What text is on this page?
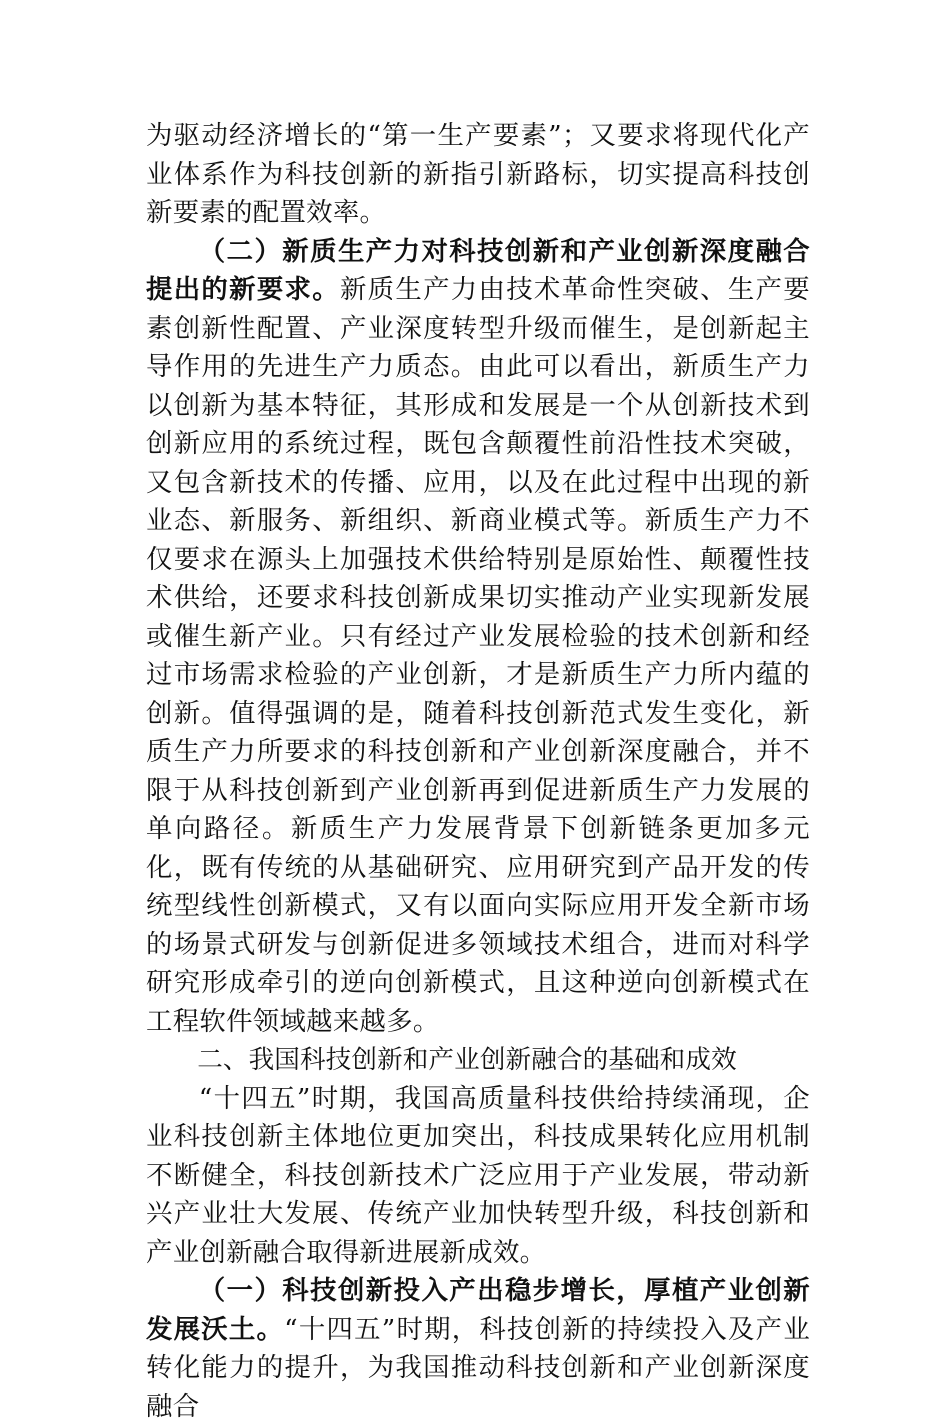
为驱动经济增长的“第一生产要素”；又要求将现代化产业体系作为科技创新的新指引新路标，切实提高科技创新要素的配置效率。

（二）新质生产力对科技创新和产业创新深度融合提出的新要求。新质生产力由技术革命性突破、生产要素创新性配置、产业深度转型升级而催生，是创新起主导作用的先进生产力质态。由此可以看出，新质生产力以创新为基本特征，其形成和发展是一个从创新技术到创新应用的系统过程，既包含颠覆性前沿性技术突破，又包含新技术的传播、应用，以及在此过程中出现的新业态、新服务、新组织、新商业模式等。新质生产力不仅要求在源头上加强技术供给特别是原始性、颠覆性技术供给，还要求科技创新成果切实推动产业实现新发展或催生新产业。只有经过产业发展检验的技术创新和经过市场需求检验的产业创新，才是新质生产力所内蕴的创新。值得强调的是，随着科技创新范式发生变化，新质生产力所要求的科技创新和产业创新深度融合，并不限于从科技创新到产业创新再到促进新质生产力发展的单向路径。新质生产力发展背景下创新链条更加多元化，既有传统的从基础研究、应用研究到产品开发的传统型线性创新模式，又有以面向实际应用开发全新市场的场景式研发与创新促进多领域技术组合，进而对科学研究形成牵引的逆向创新模式，且这种逆向创新模式在工程软件领域越来越多。

二、我国科技创新和产业创新融合的基础和成效

“十四五”时期，我国高质量科技供给持续涌现，企业科技创新主体地位更加突出，科技成果转化应用机制不断健全，科技创新技术广泛应用于产业发展，带动新兴产业壮大发展、传统产业加快转型升级，科技创新和产业创新融合取得新进展新成效。

（一）科技创新投入产出稳步增长，厚植产业创新发展沃土。“十四五”时期，科技创新的持续投入及产业转化能力的提升，为我国推动科技创新和产业创新深度融合
